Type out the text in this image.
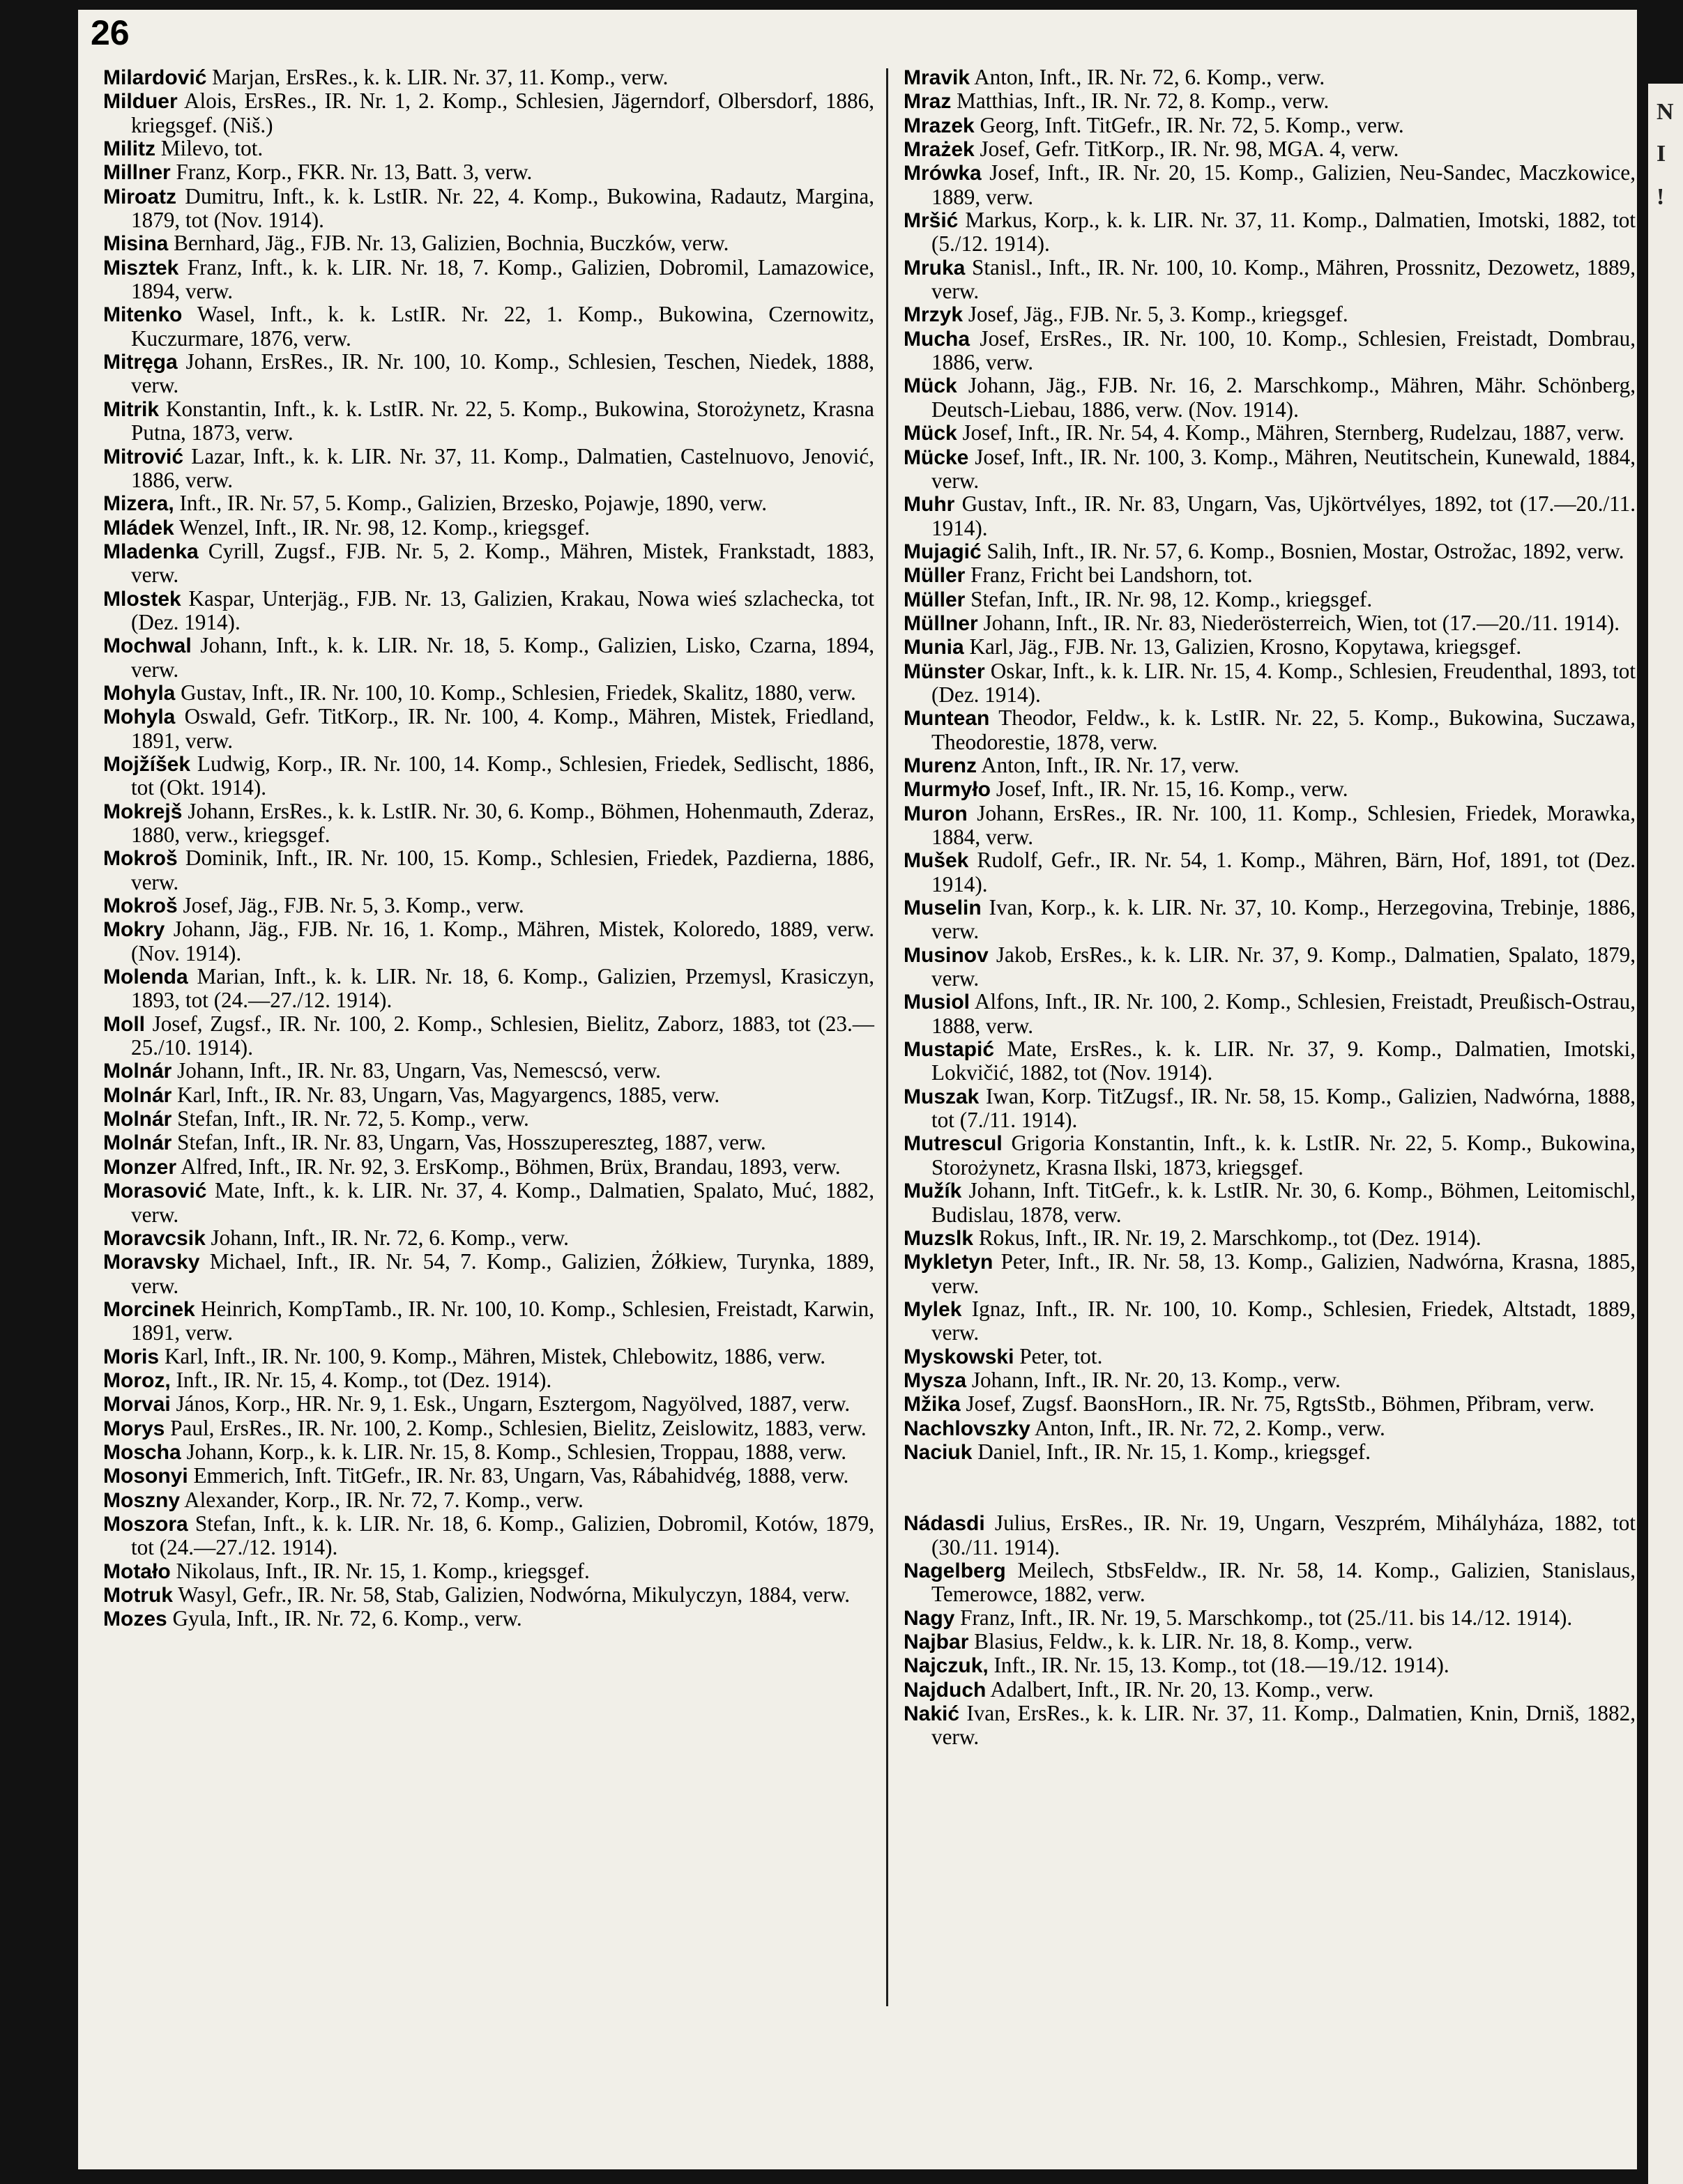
N
I
!
26
Milardović Marjan, ErsRes., k. k. LIR. Nr. 37, 11. Komp., verw.
Milduer Alois, ErsRes., IR. Nr. 1, 2. Komp., Schlesien, Jägerndorf, Olbersdorf, 1886, kriegsgef. (Niš.)
Militz Milevo, tot.
Millner Franz, Korp., FKR. Nr. 13, Batt. 3, verw.
Miroatz Dumitru, Inft., k. k. LstIR. Nr. 22, 4. Komp., Bukowina, Radautz, Margina, 1879, tot (Nov. 1914).
Misina Bernhard, Jäg., FJB. Nr. 13, Galizien, Bochnia, Buczków, verw.
Misztek Franz, Inft., k. k. LIR. Nr. 18, 7. Komp., Galizien, Dobromil, Lamazowice, 1894, verw.
Mitenko Wasel, Inft., k. k. LstIR. Nr. 22, 1. Komp., Bukowina, Czernowitz, Kuczurmare, 1876, verw.
Mitręga Johann, ErsRes., IR. Nr. 100, 10. Komp., Schlesien, Teschen, Niedek, 1888, verw.
Mitrik Konstantin, Inft., k. k. LstIR. Nr. 22, 5. Komp., Bukowina, Storożynetz, Krasna Putna, 1873, verw.
Mitrović Lazar, Inft., k. k. LIR. Nr. 37, 11. Komp., Dalmatien, Castelnuovo, Jenović, 1886, verw.
Mizera, Inft., IR. Nr. 57, 5. Komp., Galizien, Brzesko, Pojawje, 1890, verw.
Mládek Wenzel, Inft., IR. Nr. 98, 12. Komp., kriegsgef.
Mladenka Cyrill, Zugsf., FJB. Nr. 5, 2. Komp., Mähren, Mistek, Frankstadt, 1883, verw.
Mlostek Kaspar, Unterjäg., FJB. Nr. 13, Galizien, Krakau, Nowa wieś szlachecka, tot (Dez. 1914).
Mochwal Johann, Inft., k. k. LIR. Nr. 18, 5. Komp., Galizien, Lisko, Czarna, 1894, verw.
Mohyla Gustav, Inft., IR. Nr. 100, 10. Komp., Schlesien, Friedek, Skalitz, 1880, verw.
Mohyla Oswald, Gefr. TitKorp., IR. Nr. 100, 4. Komp., Mähren, Mistek, Friedland, 1891, verw.
Mojžíšek Ludwig, Korp., IR. Nr. 100, 14. Komp., Schlesien, Friedek, Sedlischt, 1886, tot (Okt. 1914).
Mokrejš Johann, ErsRes., k. k. LstIR. Nr. 30, 6. Komp., Böhmen, Hohenmauth, Zderaz, 1880, verw., kriegsgef.
Mokroš Dominik, Inft., IR. Nr. 100, 15. Komp., Schlesien, Friedek, Pazdierna, 1886, verw.
Mokroš Josef, Jäg., FJB. Nr. 5, 3. Komp., verw.
Mokry Johann, Jäg., FJB. Nr. 16, 1. Komp., Mähren, Mistek, Koloredo, 1889, verw. (Nov. 1914).
Molenda Marian, Inft., k. k. LIR. Nr. 18, 6. Komp., Galizien, Przemysl, Krasiczyn, 1893, tot (24.—27./12. 1914).
Moll Josef, Zugsf., IR. Nr. 100, 2. Komp., Schlesien, Bielitz, Zaborz, 1883, tot (23.—25./10. 1914).
Molnár Johann, Inft., IR. Nr. 83, Ungarn, Vas, Nemescsó, verw.
Molnár Karl, Inft., IR. Nr. 83, Ungarn, Vas, Magyargencs, 1885, verw.
Molnár Stefan, Inft., IR. Nr. 72, 5. Komp., verw.
Molnár Stefan, Inft., IR. Nr. 83, Ungarn, Vas, Hosszupereszteg, 1887, verw.
Monzer Alfred, Inft., IR. Nr. 92, 3. ErsKomp., Böhmen, Brüx, Brandau, 1893, verw.
Morasović Mate, Inft., k. k. LIR. Nr. 37, 4. Komp., Dalmatien, Spalato, Muć, 1882, verw.
Moravcsik Johann, Inft., IR. Nr. 72, 6. Komp., verw.
Moravsky Michael, Inft., IR. Nr. 54, 7. Komp., Galizien, Żółkiew, Turynka, 1889, verw.
Morcinek Heinrich, KompTamb., IR. Nr. 100, 10. Komp., Schlesien, Freistadt, Karwin, 1891, verw.
Moris Karl, Inft., IR. Nr. 100, 9. Komp., Mähren, Mistek, Chlebowitz, 1886, verw.
Moroz, Inft., IR. Nr. 15, 4. Komp., tot (Dez. 1914).
Morvai János, Korp., HR. Nr. 9, 1. Esk., Ungarn, Esztergom, Nagyölved, 1887, verw.
Morys Paul, ErsRes., IR. Nr. 100, 2. Komp., Schlesien, Bielitz, Zeislowitz, 1883, verw.
Moscha Johann, Korp., k. k. LIR. Nr. 15, 8. Komp., Schlesien, Troppau, 1888, verw.
Mosonyi Emmerich, Inft. TitGefr., IR. Nr. 83, Ungarn, Vas, Rábahidvég, 1888, verw.
Moszny Alexander, Korp., IR. Nr. 72, 7. Komp., verw.
Moszora Stefan, Inft., k. k. LIR. Nr. 18, 6. Komp., Galizien, Dobromil, Kotów, 1879, tot (24.—27./12. 1914).
Motało Nikolaus, Inft., IR. Nr. 15, 1. Komp., kriegsgef.
Motruk Wasyl, Gefr., IR. Nr. 58, Stab, Galizien, Nodwórna, Mikulyczyn, 1884, verw.
Mozes Gyula, Inft., IR. Nr. 72, 6. Komp., verw.
Mravik Anton, Inft., IR. Nr. 72, 6. Komp., verw.
Mraz Matthias, Inft., IR. Nr. 72, 8. Komp., verw.
Mrazek Georg, Inft. TitGefr., IR. Nr. 72, 5. Komp., verw.
Mrażek Josef, Gefr. TitKorp., IR. Nr. 98, MGA. 4, verw.
Mrówka Josef, Inft., IR. Nr. 20, 15. Komp., Galizien, Neu-Sandec, Maczkowice, 1889, verw.
Mršić Markus, Korp., k. k. LIR. Nr. 37, 11. Komp., Dalmatien, Imotski, 1882, tot (5./12. 1914).
Mruka Stanisl., Inft., IR. Nr. 100, 10. Komp., Mähren, Prossnitz, Dezowetz, 1889, verw.
Mrzyk Josef, Jäg., FJB. Nr. 5, 3. Komp., kriegsgef.
Mucha Josef, ErsRes., IR. Nr. 100, 10. Komp., Schlesien, Freistadt, Dombrau, 1886, verw.
Mück Johann, Jäg., FJB. Nr. 16, 2. Marschkomp., Mähren, Mähr. Schönberg, Deutsch-Liebau, 1886, verw. (Nov. 1914).
Mück Josef, Inft., IR. Nr. 54, 4. Komp., Mähren, Sternberg, Rudelzau, 1887, verw.
Mücke Josef, Inft., IR. Nr. 100, 3. Komp., Mähren, Neutitschein, Kunewald, 1884, verw.
Muhr Gustav, Inft., IR. Nr. 83, Ungarn, Vas, Ujkörtvélyes, 1892, tot (17.—20./11. 1914).
Mujagić Salih, Inft., IR. Nr. 57, 6. Komp., Bosnien, Mostar, Ostrožac, 1892, verw.
Müller Franz, Fricht bei Landshorn, tot.
Müller Stefan, Inft., IR. Nr. 98, 12. Komp., kriegsgef.
Müllner Johann, Inft., IR. Nr. 83, Niederösterreich, Wien, tot (17.—20./11. 1914).
Munia Karl, Jäg., FJB. Nr. 13, Galizien, Krosno, Kopytawa, kriegsgef.
Münster Oskar, Inft., k. k. LIR. Nr. 15, 4. Komp., Schlesien, Freudenthal, 1893, tot (Dez. 1914).
Muntean Theodor, Feldw., k. k. LstIR. Nr. 22, 5. Komp., Bukowina, Suczawa, Theodorestie, 1878, verw.
Murenz Anton, Inft., IR. Nr. 17, verw.
Murmyło Josef, Inft., IR. Nr. 15, 16. Komp., verw.
Muron Johann, ErsRes., IR. Nr. 100, 11. Komp., Schlesien, Friedek, Morawka, 1884, verw.
Mušek Rudolf, Gefr., IR. Nr. 54, 1. Komp., Mähren, Bärn, Hof, 1891, tot (Dez. 1914).
Muselin Ivan, Korp., k. k. LIR. Nr. 37, 10. Komp., Herzegovina, Trebinje, 1886, verw.
Musinov Jakob, ErsRes., k. k. LIR. Nr. 37, 9. Komp., Dalmatien, Spalato, 1879, verw.
Musiol Alfons, Inft., IR. Nr. 100, 2. Komp., Schlesien, Freistadt, Preußisch-Ostrau, 1888, verw.
Mustapić Mate, ErsRes., k. k. LIR. Nr. 37, 9. Komp., Dalmatien, Imotski, Lokvičić, 1882, tot (Nov. 1914).
Muszak Iwan, Korp. TitZugsf., IR. Nr. 58, 15. Komp., Galizien, Nadwórna, 1888, tot (7./11. 1914).
Mutrescul Grigoria Konstantin, Inft., k. k. LstIR. Nr. 22, 5. Komp., Bukowina, Storożynetz, Krasna Ilski, 1873, kriegsgef.
Mužík Johann, Inft. TitGefr., k. k. LstIR. Nr. 30, 6. Komp., Böhmen, Leitomischl, Budislau, 1878, verw.
Muzslk Rokus, Inft., IR. Nr. 19, 2. Marschkomp., tot (Dez. 1914).
Mykletyn Peter, Inft., IR. Nr. 58, 13. Komp., Galizien, Nadwórna, Krasna, 1885, verw.
Mylek Ignaz, Inft., IR. Nr. 100, 10. Komp., Schlesien, Friedek, Altstadt, 1889, verw.
Myskowski Peter, tot.
Mysza Johann, Inft., IR. Nr. 20, 13. Komp., verw.
Mžika Josef, Zugsf. BaonsHorn., IR. Nr. 75, RgtsStb., Böhmen, Přibram, verw.
Nachlovszky Anton, Inft., IR. Nr. 72, 2. Komp., verw.
Naciuk Daniel, Inft., IR. Nr. 15, 1. Komp., kriegsgef.
Nádasdi Julius, ErsRes., IR. Nr. 19, Ungarn, Veszprém, Mihályháza, 1882, tot (30./11. 1914).
Nagelberg Meilech, StbsFeldw., IR. Nr. 58, 14. Komp., Galizien, Stanislaus, Temerowce, 1882, verw.
Nagy Franz, Inft., IR. Nr. 19, 5. Marschkomp., tot (25./11. bis 14./12. 1914).
Najbar Blasius, Feldw., k. k. LIR. Nr. 18, 8. Komp., verw.
Najczuk, Inft., IR. Nr. 15, 13. Komp., tot (18.—19./12. 1914).
Najduch Adalbert, Inft., IR. Nr. 20, 13. Komp., verw.
Nakić Ivan, ErsRes., k. k. LIR. Nr. 37, 11. Komp., Dalmatien, Knin, Drniš, 1882, verw.
